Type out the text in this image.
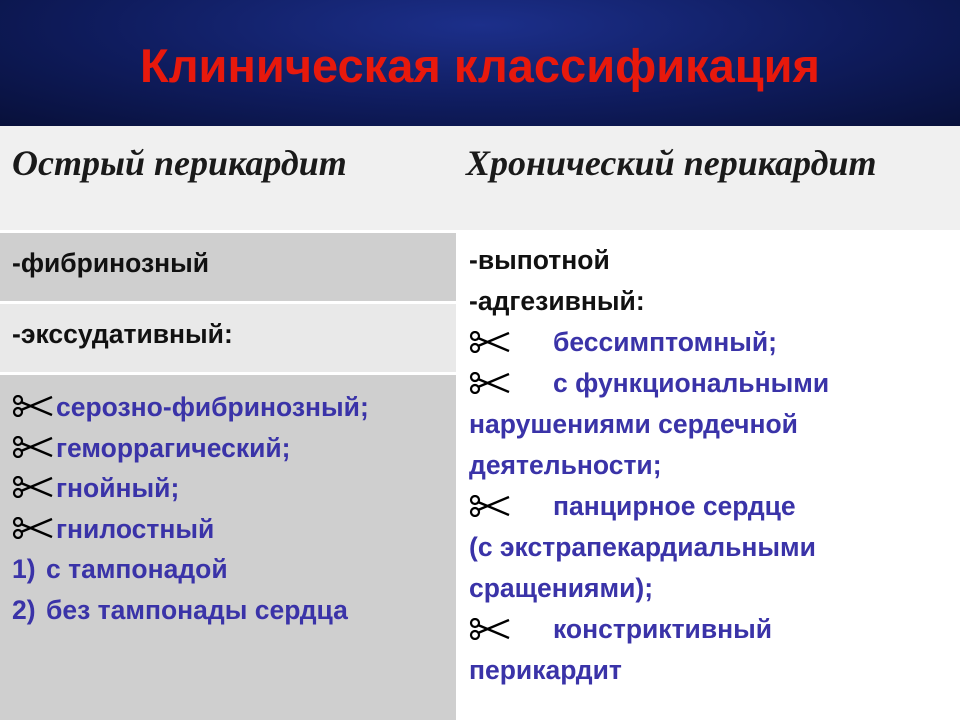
Клиническая классификация
Острый перикардит	Хронический перикардит
-фибринозный
-экссудативный:
серозно-фибринозный;
геморрагический;
гнойный;
гнилостный
1) с тампонадой
2) без тампонады сердца
-выпотной
-адгезивный:
бессимптомный;
с функциональными
нарушениями сердечной
деятельности;
панцирное сердце
(с экстрапекардиальными
сращениями);
констриктивный
перикардит
